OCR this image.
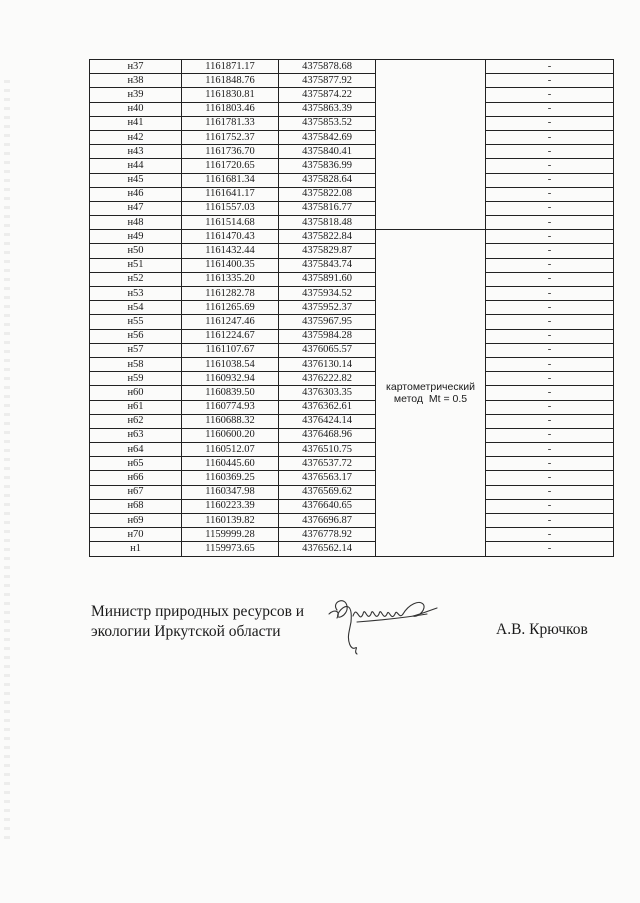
н37	1161871.17	4375878.68		-
н38	1161848.76	4375877.92		-
н39	1161830.81	4375874.22		-
н40	1161803.46	4375863.39		-
н41	1161781.33	4375853.52		-
н42	1161752.37	4375842.69		-
н43	1161736.70	4375840.41		-
н44	1161720.65	4375836.99		-
н45	1161681.34	4375828.64		-
н46	1161641.17	4375822.08		-
н47	1161557.03	4375816.77		-
н48	1161514.68	4375818.48		-
н49	1161470.43	4375822.84	картометрический
метод  Mt = 0.5	-
н50	1161432.44	4375829.87		-
н51	1161400.35	4375843.74		-
н52	1161335.20	4375891.60		-
н53	1161282.78	4375934.52		-
н54	1161265.69	4375952.37		-
н55	1161247.46	4375967.95		-
н56	1161224.67	4375984.28		-
н57	1161107.67	4376065.57		-
н58	1161038.54	4376130.14		-
н59	1160932.94	4376222.82		-
н60	1160839.50	4376303.35		-
н61	1160774.93	4376362.61		-
н62	1160688.32	4376424.14		-
н63	1160600.20	4376468.96		-
н64	1160512.07	4376510.75		-
н65	1160445.60	4376537.72		-
н66	1160369.25	4376563.17		-
н67	1160347.98	4376569.62		-
н68	1160223.39	4376640.65		-
н69	1160139.82	4376696.87		-
н70	1159999.28	4376778.92		-
н1	1159973.65	4376562.14		-
Министр природных ресурсов и
экологии Иркутской области	А.В. Крючков
